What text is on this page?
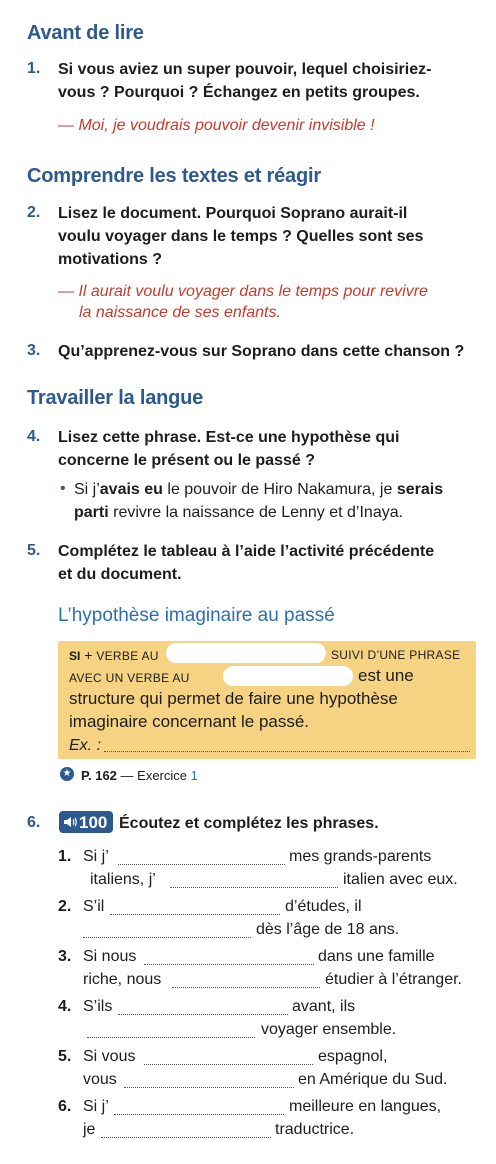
Avant de lire
1. Si vous aviez un super pouvoir, lequel choisiriez-
vous ? Pourquoi ? Échangez en petits groupes.
— Moi, je voudrais pouvoir devenir invisible !
Comprendre les textes et réagir
2. Lisez le document. Pourquoi Soprano aurait-il
voulu voyager dans le temps ? Quelles sont ses
motivations ?
— Il aurait voulu voyager dans le temps pour revivre
la naissance de ses enfants.
3. Qu’apprenez-vous sur Soprano dans cette chanson ?
Travailler la langue
4. Lisez cette phrase. Est-ce une hypothèse qui
concerne le présent ou le passé ?
• Si j’avais eu le pouvoir de Hiro Nakamura, je serais
parti revivre la naissance de Lenny et d’Inaya.
5. Complétez le tableau à l’aide l’activité précédente
et du document.
L’hypothèse imaginaire au passé
SI + VERBE AU	SUIVI D’UNE PHRASE
AVEC UN VERBE AU	est une
structure qui permet de faire une hypothèse
imaginaire concernant le passé.
Ex. :
★ P. 162 — Exercice 1
6. 100 Écoutez et complétez les phrases.
1. Si j’	mes grands-parents
italiens, j’	italien avec eux.
2. S’il	d’études, il
dès l’âge de 18 ans.
3. Si nous	dans une famille
riche, nous	étudier à l’étranger.
4. S’ils	avant, ils
voyager ensemble.
5. Si vous	espagnol,
vous	en Amérique du Sud.
6. Si j’	meilleure en langues,
je	traductrice.
